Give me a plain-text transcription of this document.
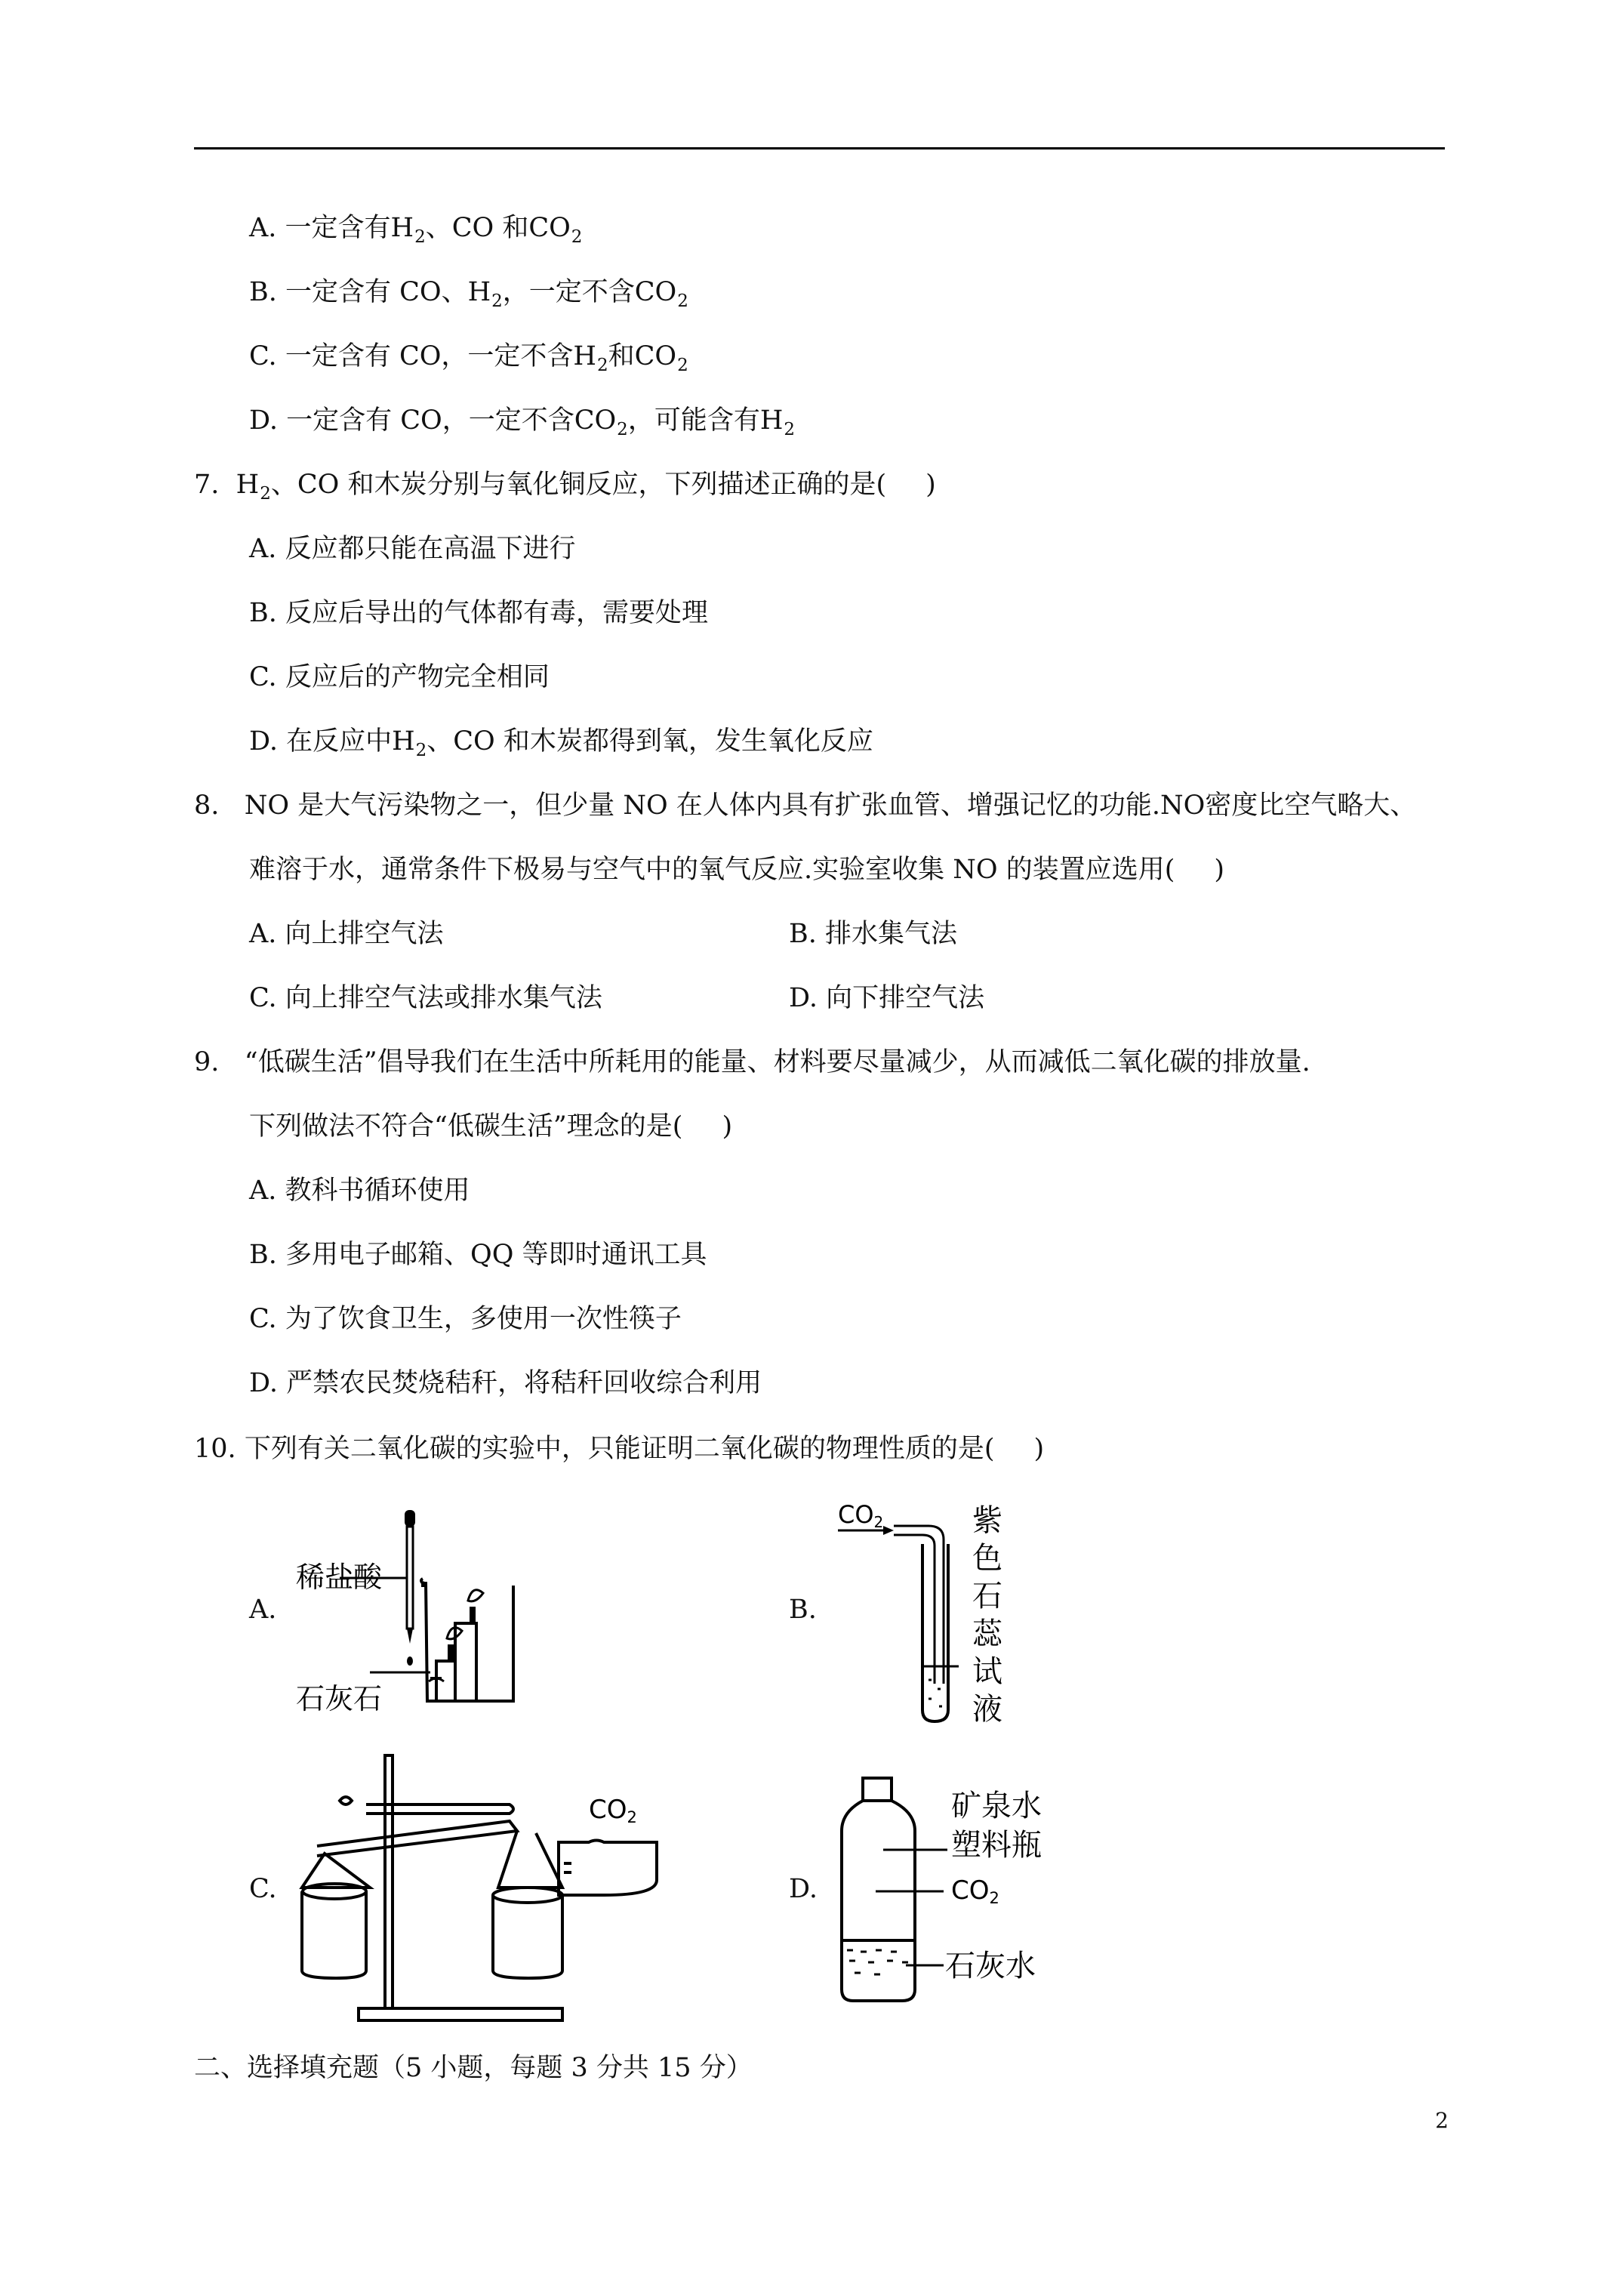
A. 一定含有$H_2$、CO 和$CO_2$
B. 一定含有 CO、$H_2$，一定不含$CO_2$
C. 一定含有 CO，一定不含$H_2$和$CO_2$
D. 一定含有 CO，一定不含$CO_2$，可能含有$H_2$
7. $H_2$、CO 和木炭分别与氧化铜反应，下列描述正确的是( )
A. 反应都只能在高温下进行
B. 反应后导出的气体都有毒，需要处理
C. 反应后的产物完全相同
D. 在反应中$H_2$、CO 和木炭都得到氧，发生氧化反应
8. NO 是大气污染物之一，但少量 NO 在人体内具有扩张血管、增强记忆的功能.NO密度比空气略大、
难溶于水，通常条件下极易与空气中的氧气反应.实验室收集 NO 的装置应选用( )
A. 向上排空气法	B. 排水集气法
C. 向上排空气法或排水集气法	D. 向下排空气法
9. “低碳生活”倡导我们在生活中所耗用的能量、材料要尽量减少，从而减低二氧化碳的排放量.
下列做法不符合“低碳生活”理念的是( )
A. 教科书循环使用
B. 多用电子邮箱、QQ 等即时通讯工具
C. 为了饮食卫生，多使用一次性筷子
D. 严禁农民焚烧秸秆，将秸秆回收综合利用
10. 下列有关二氧化碳的实验中，只能证明二氧化碳的物理性质的是( )
A.
稀盐酸
石灰石
B.
CO2	紫
色
石
蕊
试
液
C.
CO2
D.
矿泉水
塑料瓶
CO2
石灰水
二、选择填充题（5 小题，每题 3 分共 15 分）
2
